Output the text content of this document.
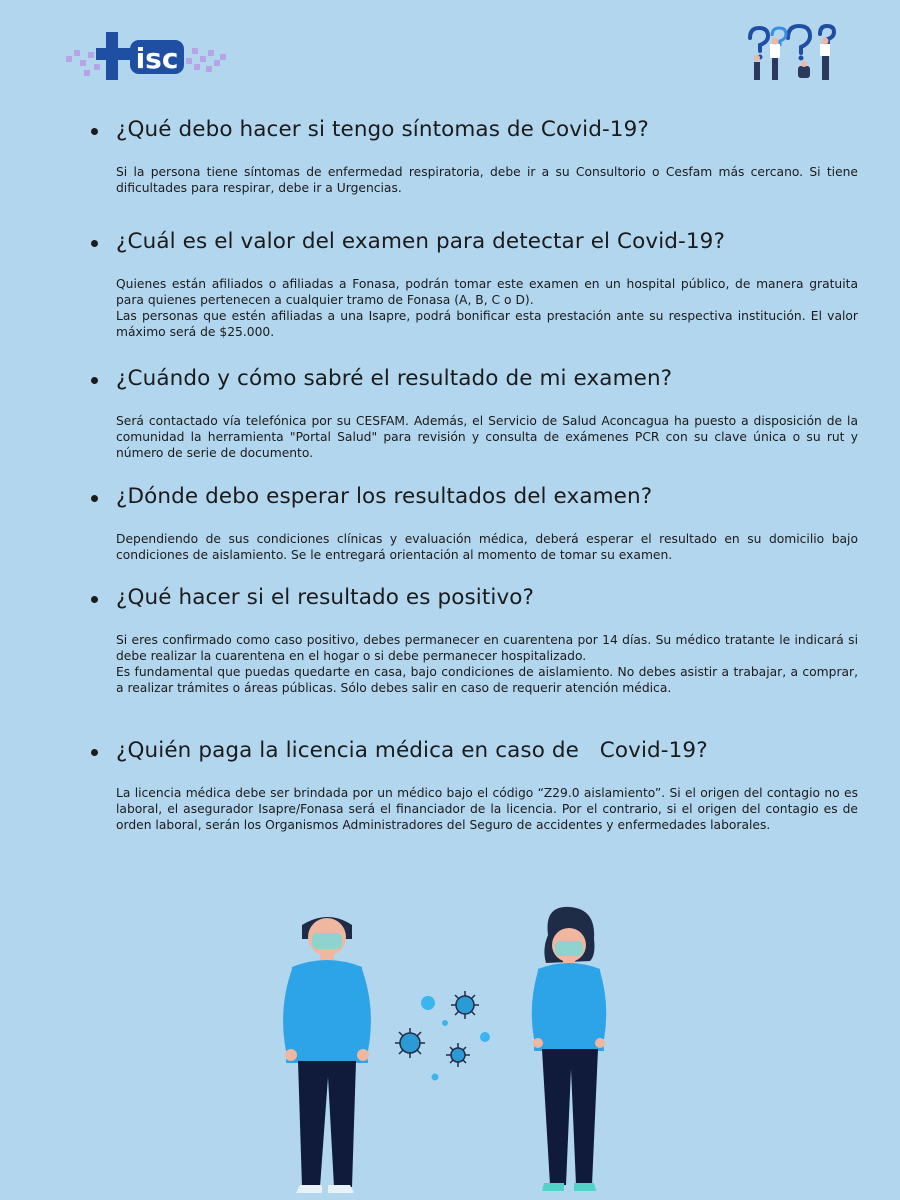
isc
¿Qué debo hacer si tengo síntomas de Covid-19?

Si la persona tiene síntomas de enfermedad respiratoria, debe ir a su Consultorio o Cesfam más cercano. Si tiene dificultades para respirar, debe ir a Urgencias.

¿Cuál es el valor del examen para detectar el Covid-19?

Quienes están afiliados o afiliadas a Fonasa, podrán tomar este examen en un hospital público, de manera gratuita para quienes pertenecen a cualquier tramo de Fonasa (A, B, C o D).

Las personas que estén afiliadas a una Isapre, podrá bonificar esta prestación ante su respectiva institución. El valor máximo será de $25.000.

¿Cuándo y cómo sabré el resultado de mi examen?

Será contactado vía telefónica por su CESFAM. Además, el Servicio de Salud Aconcagua ha puesto a disposición de la comunidad la herramienta "Portal Salud" para revisión y consulta de exámenes PCR con su clave única o su rut y número de serie de documento.

¿Dónde debo esperar los resultados del examen?

Dependiendo de sus condiciones clínicas y evaluación médica, deberá esperar el resultado en su domicilio bajo condiciones de aislamiento. Se le entregará orientación al momento de tomar su examen.

¿Qué hacer si el resultado es positivo?

Si eres confirmado como caso positivo, debes permanecer en cuarentena por 14 días. Su médico tratante le indicará si debe realizar la cuarentena en el hogar o si debe permanecer hospitalizado.

Es fundamental que puedas quedarte en casa, bajo condiciones de aislamiento. No debes asistir a trabajar, a comprar, a realizar trámites o áreas públicas. Sólo debes salir en caso de requerir atención médica.

¿Quién paga la licencia médica en caso de   Covid-19?

La licencia médica debe ser brindada por un médico bajo el código “Z29.0 aislamiento”. Si el origen del contagio no es laboral, el asegurador Isapre/Fonasa será el financiador de la licencia. Por el contrario, si el origen del contagio es de orden laboral, serán los Organismos Administradores del Seguro de accidentes y enfermedades laborales.
